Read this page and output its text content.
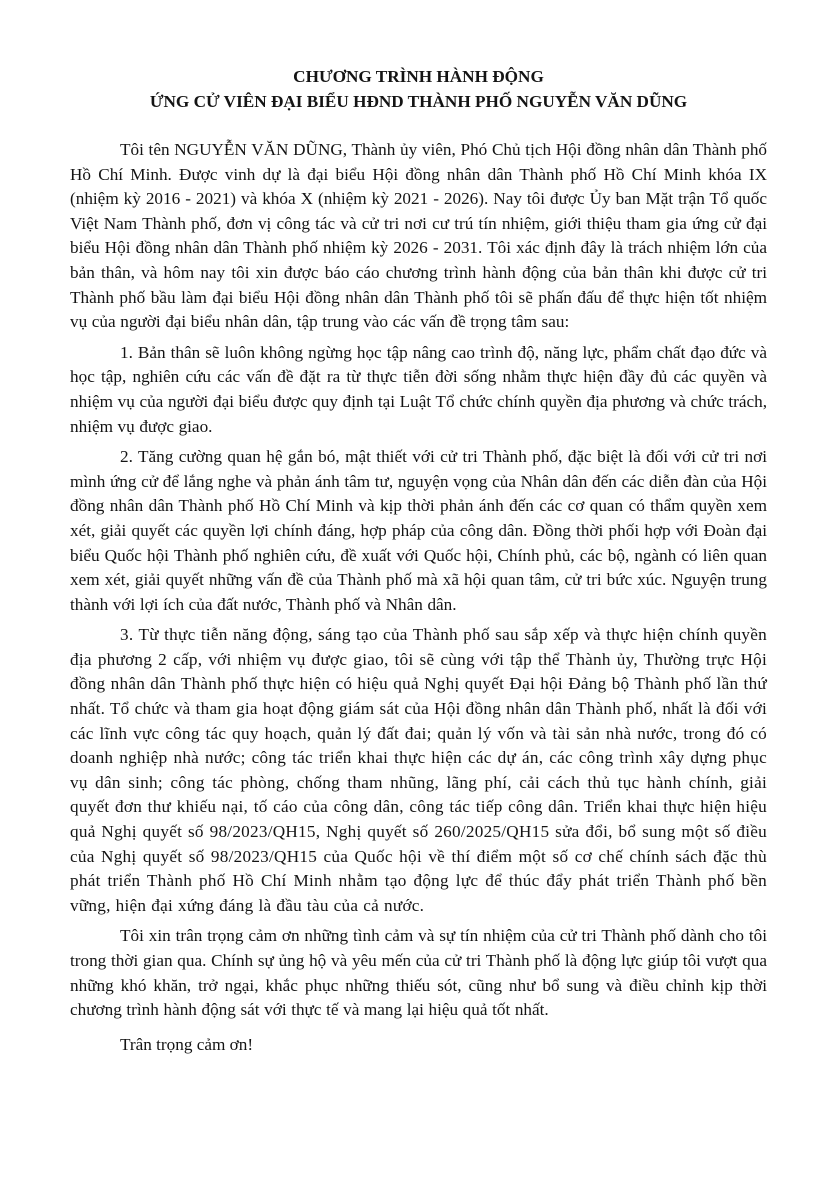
CHƯƠNG TRÌNH HÀNH ĐỘNG

ỨNG CỬ VIÊN ĐẠI BIỂU HĐND THÀNH PHỐ NGUYỄN VĂN DŨNG

Tôi tên NGUYỄN VĂN DŨNG, Thành ủy viên, Phó Chủ tịch Hội đồng nhân dân Thành phố Hồ Chí Minh. Được vinh dự là đại biểu Hội đồng nhân dân Thành phố Hồ Chí Minh khóa IX (nhiệm kỳ 2016 - 2021) và khóa X (nhiệm kỳ 2021 - 2026). Nay tôi được Ủy ban Mặt trận Tổ quốc Việt Nam Thành phố, đơn vị công tác và cử tri nơi cư trú tín nhiệm, giới thiệu tham gia ứng cử đại biểu Hội đồng nhân dân Thành phố nhiệm kỳ 2026 - 2031. Tôi xác định đây là trách nhiệm lớn của bản thân, và hôm nay tôi xin được báo cáo chương trình hành động của bản thân khi được cử tri Thành phố bầu làm đại biểu Hội đồng nhân dân Thành phố tôi sẽ phấn đấu để thực hiện tốt nhiệm vụ của người đại biểu nhân dân, tập trung vào các vấn đề trọng tâm sau:

1. Bản thân sẽ luôn không ngừng học tập nâng cao trình độ, năng lực, phẩm chất đạo đức và học tập, nghiên cứu các vấn đề đặt ra từ thực tiễn đời sống nhằm thực hiện đầy đủ các quyền và nhiệm vụ của người đại biểu được quy định tại Luật Tổ chức chính quyền địa phương và chức trách, nhiệm vụ được giao.

2. Tăng cường quan hệ gắn bó, mật thiết với cử tri Thành phố, đặc biệt là đối với cử tri nơi mình ứng cử để lắng nghe và phản ánh tâm tư, nguyện vọng của Nhân dân đến các diễn đàn của Hội đồng nhân dân Thành phố Hồ Chí Minh và kịp thời phản ánh đến các cơ quan có thẩm quyền xem xét, giải quyết các quyền lợi chính đáng, hợp pháp của công dân. Đồng thời phối hợp với Đoàn đại biểu Quốc hội Thành phố nghiên cứu, đề xuất với Quốc hội, Chính phủ, các bộ, ngành có liên quan xem xét, giải quyết những vấn đề của Thành phố mà xã hội quan tâm, cử tri bức xúc. Nguyện trung thành với lợi ích của đất nước, Thành phố và Nhân dân.

3. Từ thực tiễn năng động, sáng tạo của Thành phố sau sắp xếp và thực hiện chính quyền địa phương 2 cấp, với nhiệm vụ được giao, tôi sẽ cùng với tập thể Thành ủy, Thường trực Hội đồng nhân dân Thành phố thực hiện có hiệu quả Nghị quyết Đại hội Đảng bộ Thành phố lần thứ nhất. Tổ chức và tham gia hoạt động giám sát của Hội đồng nhân dân Thành phố, nhất là đối với các lĩnh vực công tác quy hoạch, quản lý đất đai; quản lý vốn và tài sản nhà nước, trong đó có doanh nghiệp nhà nước; công tác triển khai thực hiện các dự án, các công trình xây dựng phục vụ dân sinh; công tác phòng, chống tham nhũng, lãng phí, cải cách thủ tục hành chính, giải quyết đơn thư khiếu nại, tố cáo của công dân, công tác tiếp công dân. Triển khai thực hiện hiệu quả Nghị quyết số 98/2023/QH15, Nghị quyết số 260/2025/QH15 sửa đổi, bổ sung một số điều của Nghị quyết số 98/2023/QH15 của Quốc hội về thí điểm một số cơ chế chính sách đặc thù phát triển Thành phố Hồ Chí Minh nhằm tạo động lực để thúc đẩy phát triển Thành phố bền vững, hiện đại xứng đáng là đầu tàu của cả nước.

Tôi xin trân trọng cảm ơn những tình cảm và sự tín nhiệm của cử tri Thành phố dành cho tôi trong thời gian qua. Chính sự ủng hộ và yêu mến của cử tri Thành phố là động lực giúp tôi vượt qua những khó khăn, trở ngại, khắc phục những thiếu sót, cũng như bổ sung và điều chỉnh kịp thời chương trình hành động sát với thực tế và mang lại hiệu quả tốt nhất.

Trân trọng cảm ơn!
